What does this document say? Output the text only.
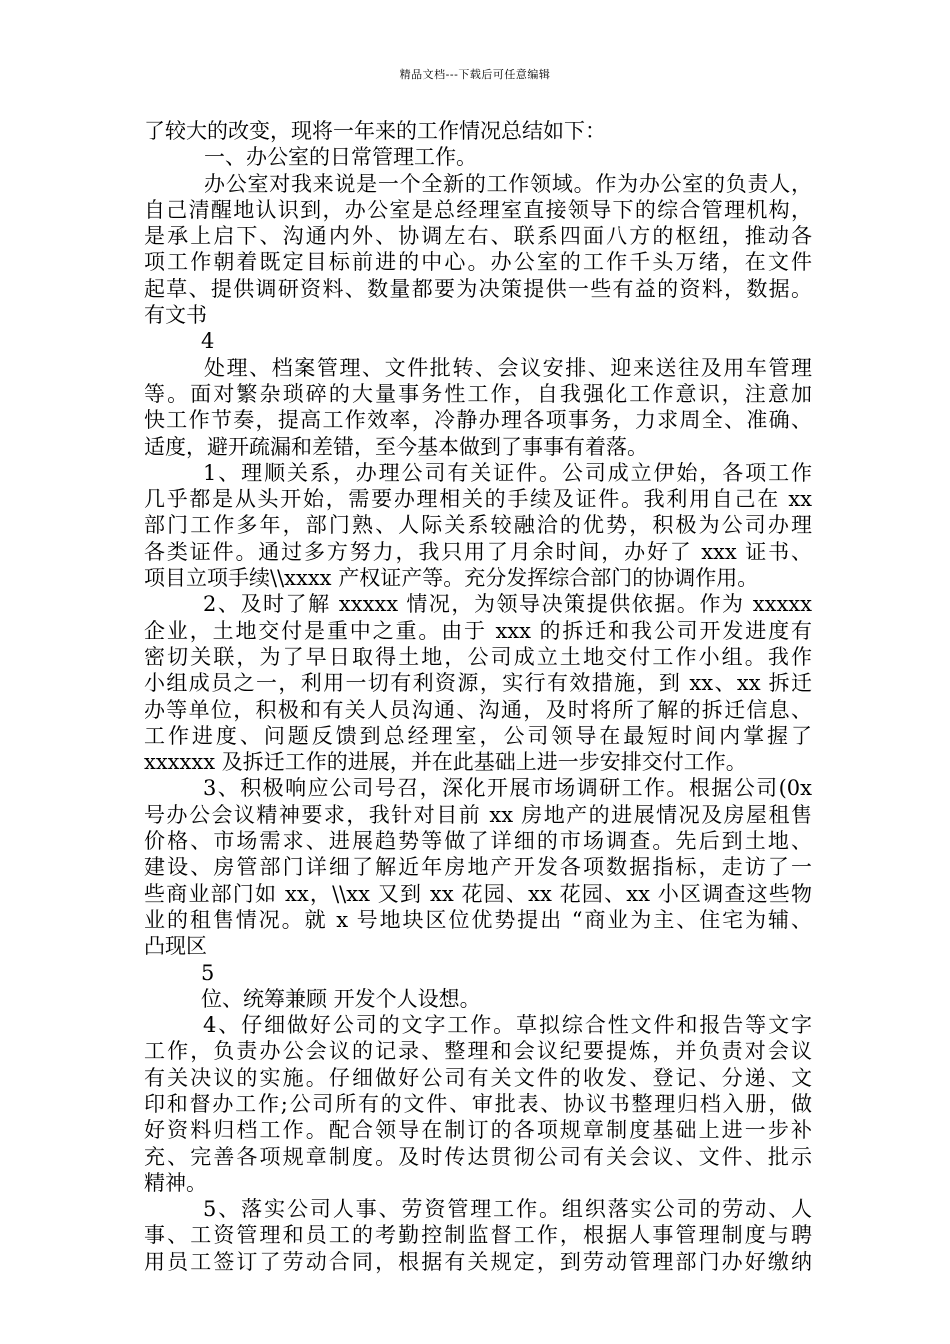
精品文档---下载后可任意编辑
了较大的改变，现将一年来的工作情况总结如下：
一、办公室的日常管理工作。
办公室对我来说是一个全新的工作领域。作为办公室的负责人，
自己清醒地认识到，办公室是总经理室直接领导下的综合管理机构，
是承上启下、沟通内外、协调左右、联系四面八方的枢纽，推动各
项工作朝着既定目标前进的中心。办公室的工作千头万绪，在文件
起草、提供调研资料、数量都要为决策提供一些有益的资料，数据。
有文书
4
处理、档案管理、文件批转、会议安排、迎来送往及用车管理
等。面对繁杂琐碎的大量事务性工作，自我强化工作意识，注意加
快工作节奏，提高工作效率，冷静办理各项事务，力求周全、准确、
适度，避开疏漏和差错，至今基本做到了事事有着落。
1、理顺关系，办理公司有关证件。公司成立伊始，各项工作
几乎都是从头开始，需要办理相关的手续及证件。我利用自己在 xx
部门工作多年，部门熟、人际关系较融洽的优势，积极为公司办理
各类证件。通过多方努力，我只用了月余时间，办好了 xxx 证书、
项目立项手续\\xxxx 产权证产等。充分发挥综合部门的协调作用。
2、及时了解 xxxxx 情况，为领导决策提供依据。作为 xxxxx
企业，土地交付是重中之重。由于 xxx 的拆迁和我公司开发进度有
密切关联，为了早日取得土地，公司成立土地交付工作小组。我作
小组成员之一，利用一切有利资源，实行有效措施，到 xx、xx 拆迁
办等单位，积极和有关人员沟通、沟通，及时将所了解的拆迁信息、
工作进度、问题反馈到总经理室，公司领导在最短时间内掌握了
xxxxxx 及拆迁工作的进展，并在此基础上进一步安排交付工作。
3、积极响应公司号召，深化开展市场调研工作。根据公司(0x
号办公会议精神要求，我针对目前 xx 房地产的进展情况及房屋租售
价格、市场需求、进展趋势等做了详细的市场调查。先后到土地、
建设、房管部门详细了解近年房地产开发各项数据指标，走访了一
些商业部门如 xx，\\xx 又到 xx 花园、xx 花园、xx 小区调查这些物
业的租售情况。就 x 号地块区位优势提出 “商业为主、住宅为辅、
凸现区
5
位、统筹兼顾 开发个人设想。
4、仔细做好公司的文字工作。草拟综合性文件和报告等文字
工作，负责办公会议的记录、整理和会议纪要提炼，并负责对会议
有关决议的实施。仔细做好公司有关文件的收发、登记、分递、文
印和督办工作;公司所有的文件、审批表、协议书整理归档入册，做
好资料归档工作。配合领导在制订的各项规章制度基础上进一步补
充、完善各项规章制度。及时传达贯彻公司有关会议、文件、批示
精神。
5、落实公司人事、劳资管理工作。组织落实公司的劳动、人
事、工资管理和员工的考勤控制监督工作，根据人事管理制度与聘
用员工签订了劳动合同，根据有关规定，到劳动管理部门办好缴纳
